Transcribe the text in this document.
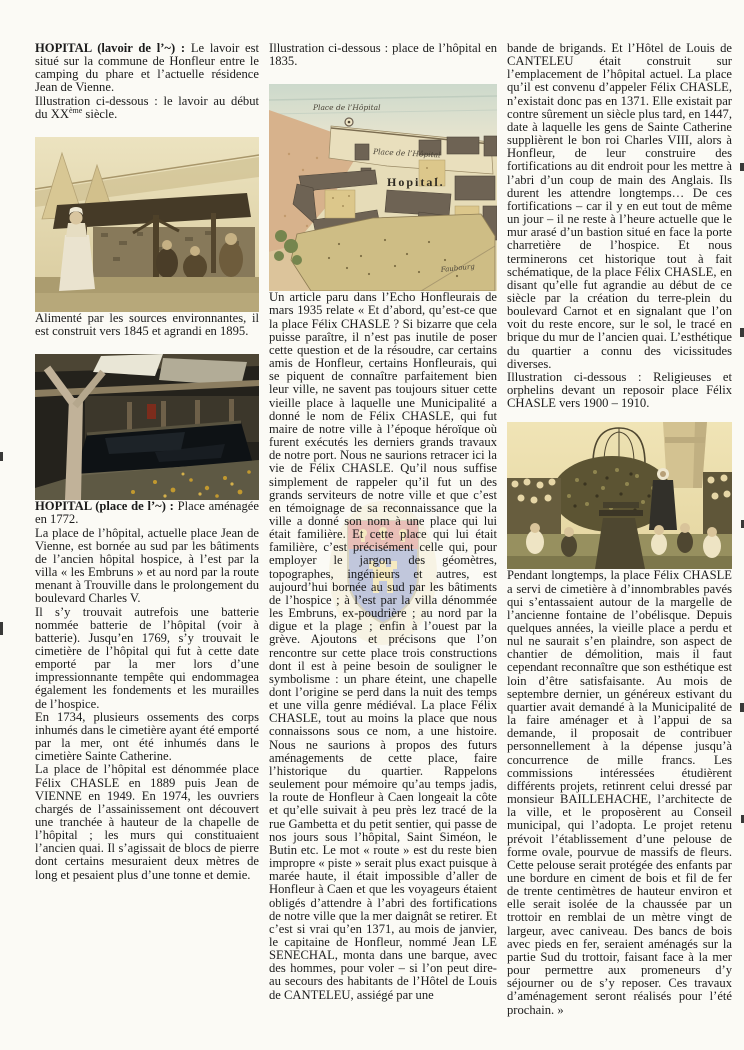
HOPITAL (lavoir de l’~) : Le lavoir est situé sur la commune de Honfleur entre le camping du phare et l’actuelle résidence Jean de Vienne.

Illustration ci-dessous : le lavoir au début du XXème siècle.

Alimenté par les sources environnantes, il est construit vers 1845 et agrandi en 1895.

HOPITAL (place de l’~) : Place aménagée en 1772.

La place de l’hôpital, actuelle place Jean de Vienne, est bornée au sud par les bâtiments de l’ancien hôpital hospice, à l’est par la villa « les Embruns » et au nord par la route menant à Trouville dans le prolongement du boulevard Charles V.

Il s’y trouvait autrefois une batterie nommée batterie de l’hôpital (voir à batterie). Jusqu’en 1769, s’y trouvait le cimetière de l’hôpital qui fut à cette date emporté par la mer lors d’une impressionnante tempête qui endommagea également les fondements et les murailles de l’hospice.

En 1734, plusieurs ossements des corps inhumés dans le cimetière ayant été emporté par la mer, ont été inhumés dans le cimetière Sainte Catherine.

La place de l’hôpital est dénommée place Félix CHASLE en 1889 puis Jean de VIENNE en 1949. En 1974, les ouvriers chargés de l’assainissement ont découvert une tranchée à hauteur de la chapelle de l’hôpital ; les murs qui constituaient l’ancien quai. Il s’agissait de blocs de pierre dont certains mesuraient deux mètres de long et pesaient plus d’une tonne et demie.

Illustration ci-dessous : place de l’hôpital en 1835.

Place de l’Hôpital
Place de l’Hôpital
Hopital.
Faubourg

Un article paru dans l’Echo Honfleurais de mars 1935 relate « Et d’abord, qu’est-ce que la place Félix CHASLE ? Si bizarre que cela puisse paraître, il n’est pas inutile de poser cette question et de la résoudre, car certains amis de Honfleur, certains Honfleurais, qui se piquent de connaître parfaitement bien leur ville, ne savent pas toujours situer cette vieille place à laquelle une Municipalité a donné le nom de Félix CHASLE, qui fut maire de notre ville à l’époque héroïque où furent exécutés les derniers grands travaux de notre port. Nous ne saurions retracer ici la vie de Félix CHASLE. Qu’il nous suffise simplement de rappeler qu’il fut un des grands serviteurs de notre ville et que c’est en témoignage de sa reconnaissance que la ville a donné son nom à une place qui lui était familière. Et cette place qui lui était familière, c’est précisément celle qui, pour employer le jargon des géomètres, topographes, ingénieurs et autres, est aujourd’hui bornée au sud par les bâtiments de l’hospice ; à l’est par la villa dénommée les Embruns, ex-poudrière ; au nord par la digue et la plage ; enfin à l’ouest par la grève. Ajoutons et précisons que l’on rencontre sur cette place trois constructions dont il est à peine besoin de souligner le symbolisme : un phare éteint, une chapelle dont l’origine se perd dans la nuit des temps et une villa genre médiéval. La place Félix CHASLE, tout au moins la place que nous connaissons sous ce nom, a une histoire. Nous ne saurions à propos des futurs aménagements de cette place, faire l’historique du quartier. Rappelons seulement pour mémoire qu’au temps jadis, la route de Honfleur à Caen longeait la côte et qu’elle suivait à peu près lez tracé de la rue Gambetta et du petit sentier, qui passe de nos jours sous l’hôpital, Saint Siméon, le Butin etc. Le mot « route » est du reste bien impropre « piste » serait plus exact puisque à marée haute, il était impossible d’aller de Honfleur à Caen et que les voyageurs étaient obligés d’attendre à l’abri des fortifications de notre ville que la mer daignât se retirer. Et c’est si vrai qu’en 1371, au mois de janvier, le capitaine de Honfleur, nommé Jean LE SENECHAL, monta dans une barque, avec des hommes, pour voler – si l’on peut dire- au secours des habitants de l’Hôtel de Louis de CANTELEU, assiégé par une

bande de brigands. Et l’Hôtel de Louis de CANTELEU était construit sur l’emplacement de l’hôpital actuel. La place qu’il est convenu d’appeler Félix CHASLE, n’existait donc pas en 1371. Elle existait par contre sûrement un siècle plus tard, en 1447, date à laquelle les gens de Sainte Catherine supplièrent le bon roi Charles VIII, alors à Honfleur, de leur construire des fortifications au dit endroit pour les mettre à l’abri d’un coup de main des Anglais. Ils durent les attendre longtemps… De ces fortifications – car il y en eut tout de même un jour – il ne reste à l’heure actuelle que le mur arasé d’un bastion situé en face la porte charretière de l’hospice. Et nous terminerons cet historique tout à fait schématique, de la place Félix CHASLE, en disant qu’elle fut agrandie au début de ce siècle par la création du terre-plein du boulevard Carnot et en signalant que l’on voit du reste encore, sur le sol, le tracé en brique du mur de l’ancien quai. L’esthétique du quartier a connu des vicissitudes diverses.

Illustration ci-dessous : Religieuses et orphelins devant un reposoir place Félix CHASLE vers 1900 – 1910.

Pendant longtemps, la place Félix CHASLE a servi de cimetière à d’innombrables pavés qui s’entassaient autour de la margelle de l’ancienne fontaine de l’obélisque. Depuis quelques années, la vieille place a perdu et nul ne saurait s’en plaindre, son aspect de chantier de démolition, mais il faut cependant reconnaître que son esthétique est loin d’être satisfaisante. Au mois de septembre dernier, un généreux estivant du quartier avait demandé à la Municipalité de la faire aménager et à l’appui de sa demande, il proposait de contribuer personnellement à la dépense jusqu’à concurrence de mille francs. Les commissions intéressées étudièrent différents projets, retinrent celui dressé par monsieur BAILLEHACHE, l’architecte de la ville, et le proposèrent au Conseil municipal, qui l’adopta. Le projet retenu prévoit l’établissement d’une pelouse de forme ovale, pourvue de massifs de fleurs. Cette pelouse serait protégée des enfants par une bordure en ciment de bois et fil de fer de trente centimètres de hauteur environ et elle serait isolée de la chaussée par un trottoir en remblai de un mètre vingt de largeur, avec caniveau. Des bancs de bois avec pieds en fer, seraient aménagés sur la partie Sud du trottoir, faisant face à la mer pour permettre aux promeneurs d’y séjourner ou de s’y reposer. Ces travaux d’aménagement seront réalisés pour l’été prochain. »
